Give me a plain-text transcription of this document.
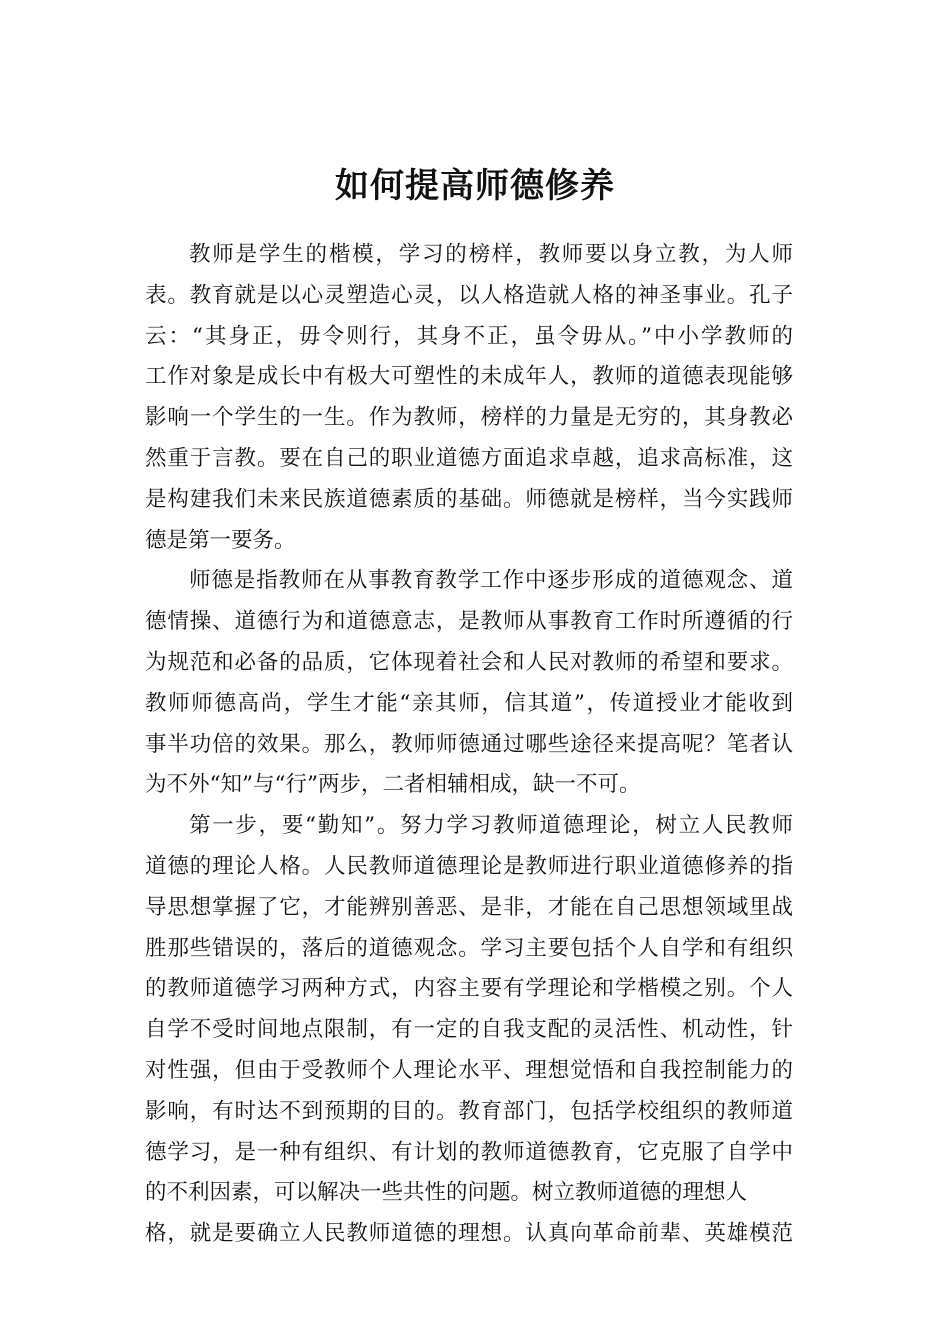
如何提高师德修养
教师是学生的楷模，学习的榜样，教师要以身立教，为人师
表。教育就是以心灵塑造心灵，以人格造就人格的神圣事业。孔子
云：“其身正，毋令则行，其身不正，虽令毋从。”中小学教师的
工作对象是成长中有极大可塑性的未成年人，教师的道德表现能够
影响一个学生的一生。作为教师，榜样的力量是无穷的，其身教必
然重于言教。要在自己的职业道德方面追求卓越，追求高标准，这
是构建我们未来民族道德素质的基础。师德就是榜样，当今实践师
德是第一要务。
师德是指教师在从事教育教学工作中逐步形成的道德观念、道
德情操、道德行为和道德意志，是教师从事教育工作时所遵循的行
为规范和必备的品质，它体现着社会和人民对教师的希望和要求。
教师师德高尚，学生才能“亲其师，信其道”，传道授业才能收到
事半功倍的效果。那么，教师师德通过哪些途径来提高呢？笔者认
为不外“知”与“行”两步，二者相辅相成，缺一不可。
第一步，要“勤知”。努力学习教师道德理论，树立人民教师
道德的理论人格。人民教师道德理论是教师进行职业道德修养的指
导思想掌握了它，才能辨别善恶、是非，才能在自己思想领域里战
胜那些错误的，落后的道德观念。学习主要包括个人自学和有组织
的教师道德学习两种方式，内容主要有学理论和学楷模之别。个人
自学不受时间地点限制，有一定的自我支配的灵活性、机动性，针
对性强，但由于受教师个人理论水平、理想觉悟和自我控制能力的
影响，有时达不到预期的目的。教育部门，包括学校组织的教师道
德学习，是一种有组织、有计划的教师道德教育，它克服了自学中
的不利因素，可以解决一些共性的问题。树立教师道德的理想人
格，就是要确立人民教师道德的理想。认真向革命前辈、英雄模范
